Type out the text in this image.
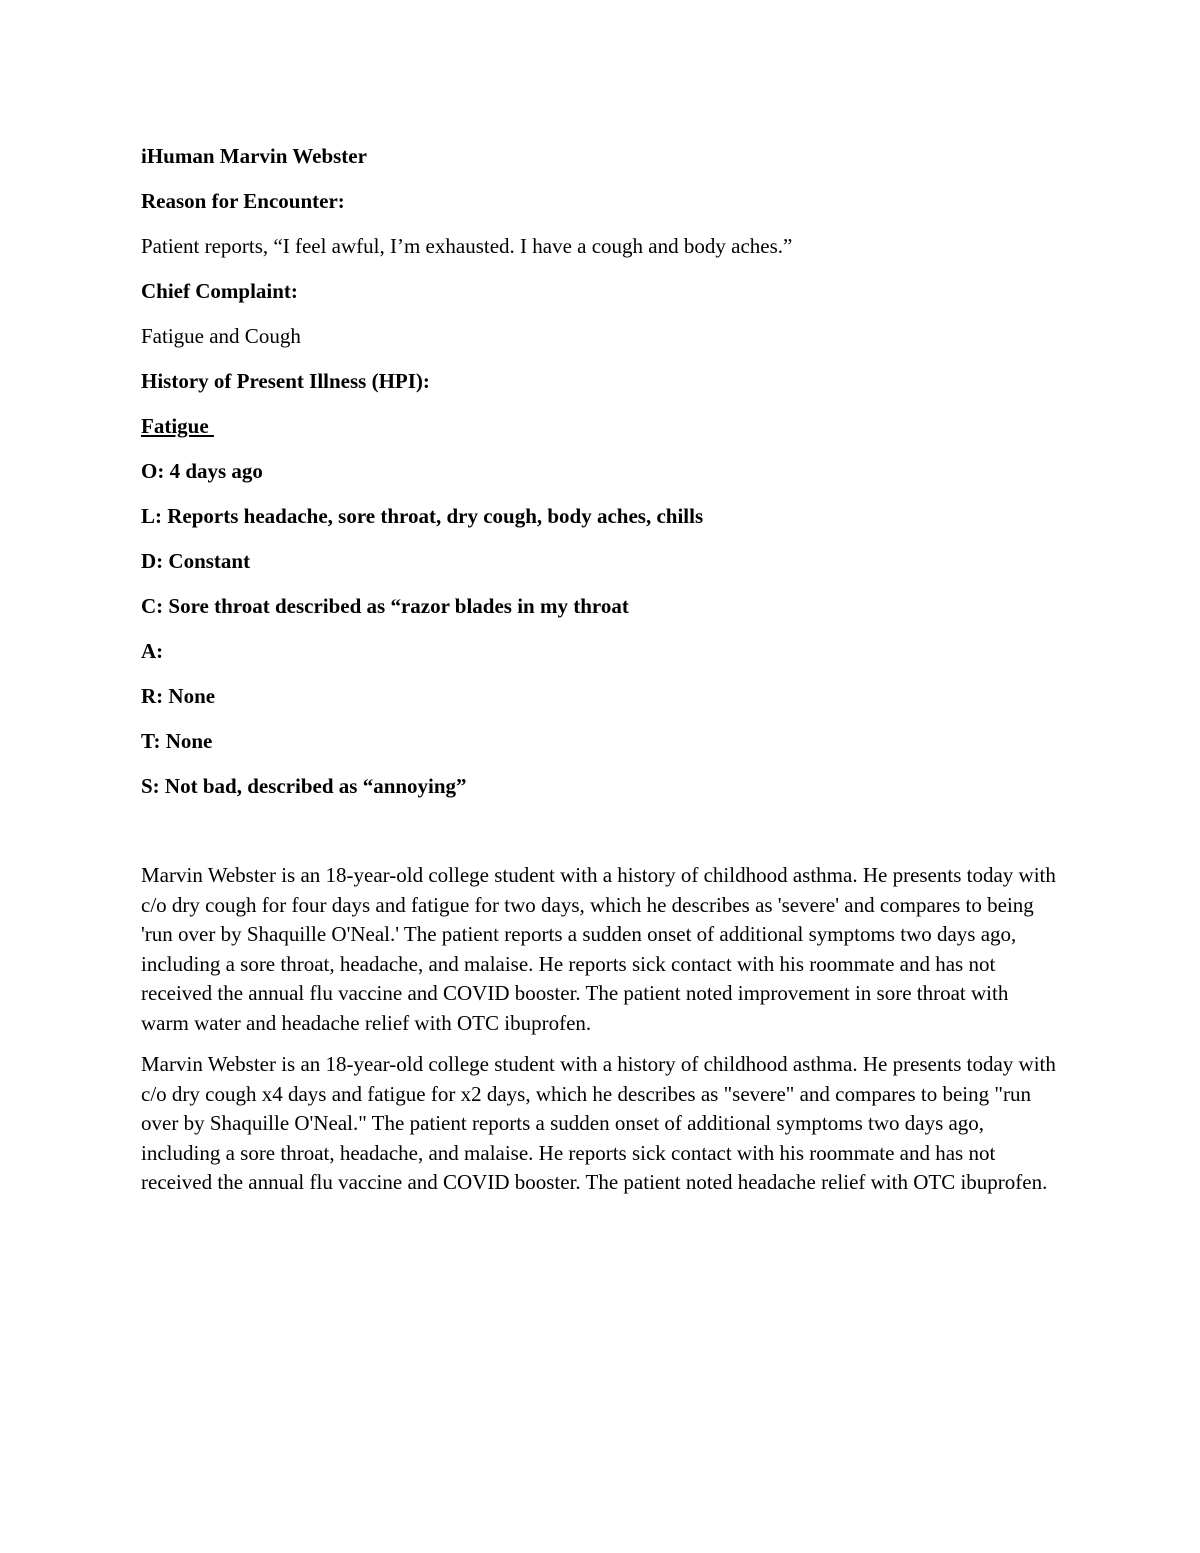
iHuman Marvin Webster
Reason for Encounter:
Patient reports, “I feel awful, I’m exhausted. I have a cough and body aches.”
Chief Complaint:
Fatigue and Cough
History of Present Illness (HPI):
Fatigue
O: 4 days ago
L: Reports headache, sore throat, dry cough, body aches, chills
D: Constant
C: Sore throat described as “razor blades in my throat
A:
R: None
T: None
S: Not bad, described as “annoying”

Marvin Webster is an 18-year-old college student with a history of childhood asthma. He presents today with c/o dry cough for four days and fatigue for two days, which he describes as 'severe' and compares to being 'run over by Shaquille O'Neal.' The patient reports a sudden onset of additional symptoms two days ago, including a sore throat, headache, and malaise. He reports sick contact with his roommate and has not received the annual flu vaccine and COVID booster. The patient noted improvement in sore throat with warm water and headache relief with OTC ibuprofen.

Marvin Webster is an 18-year-old college student with a history of childhood asthma. He presents today with c/o dry cough x4 days and fatigue for x2 days, which he describes as "severe" and compares to being "run over by Shaquille O'Neal." The patient reports a sudden onset of additional symptoms two days ago, including a sore throat, headache, and malaise. He reports sick contact with his roommate and has not received the annual flu vaccine and COVID booster. The patient noted headache relief with OTC ibuprofen.
